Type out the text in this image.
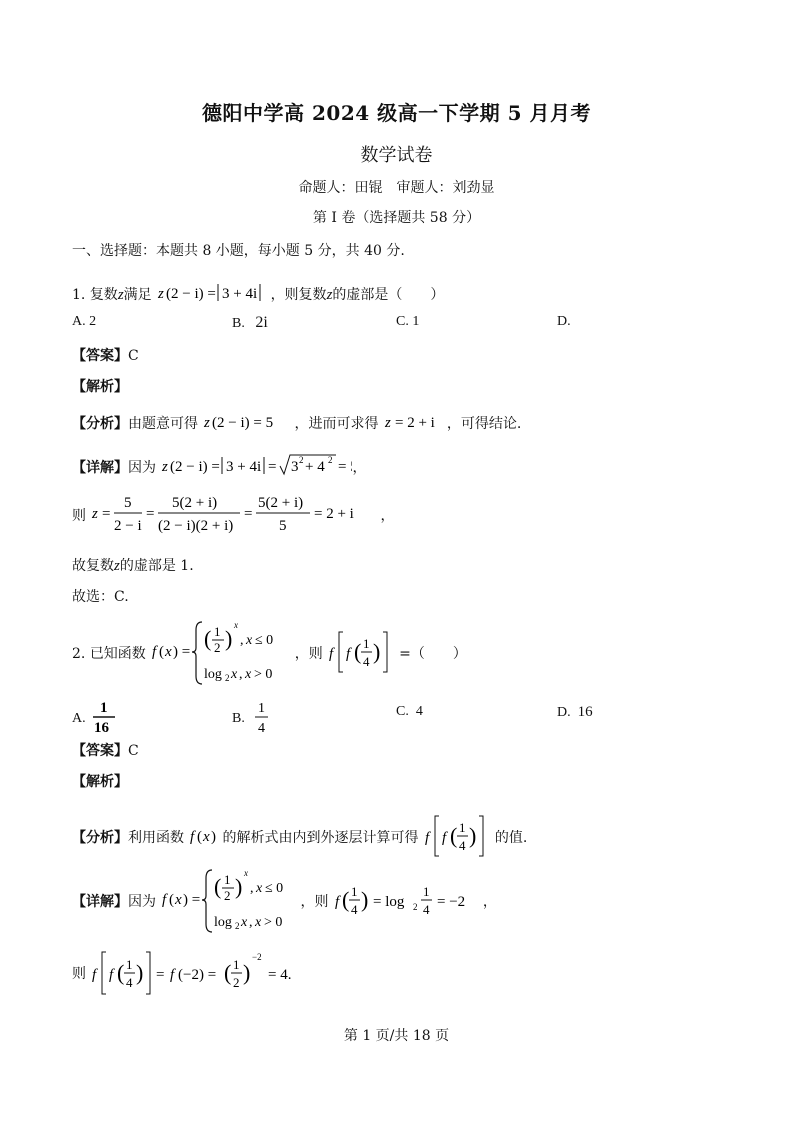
德阳中学高 2024 级高一下学期 5 月月考
数学试卷
命题人：田锟　审题人：刘劲显
第 I 卷（选择题共 58 分）
一、选择题：本题共 8 小题，每小题 5 分，共 40 分.
1. 复数z满足 z (2 − i) = 3 + 4i ，则复数z的虚部是（　　）
A. 2	B. 2i	C. 1	D.
【答案】C
【解析】
【分析】由题意可得 z (2 − i) = 5 ，进而可求得 z = 2 + i ，可得结论.
【详解】因为 z (2 − i) = 3 + 4i = 3 2 + 4 2 = ，
则 z =
5
2 − i
=
5(2 + i)
(2 − i)(2 + i)
=
5(2 + i)
5
= 2 + i ，
故复数z的虚部是 1.
故选：C.
2. 已知函数 f ( x ) =
( 1
2 )
x
, x ≤ 0
log 2 x , x > 0
，则 f f ( 1
4 ) =（　　）
A.
1
16
B.
1
4
C. 4	D. 16
【答案】C
【解析】
【分析】利用函数 f ( x ) 的解析式由内到外逐层计算可得 f f ( 1
4 ) 的值.
【详解】因为 f ( x ) =
( 1
2 )
x
, x ≤ 0
log 2 x , x > 0
，则 f ( 1
4 ) = log 2
1
4 = −2 ，
则 f f ( 1
4 ) = f (−2) = ( 1
2 )
−2
= 4.
第 1 页/共 18 页
